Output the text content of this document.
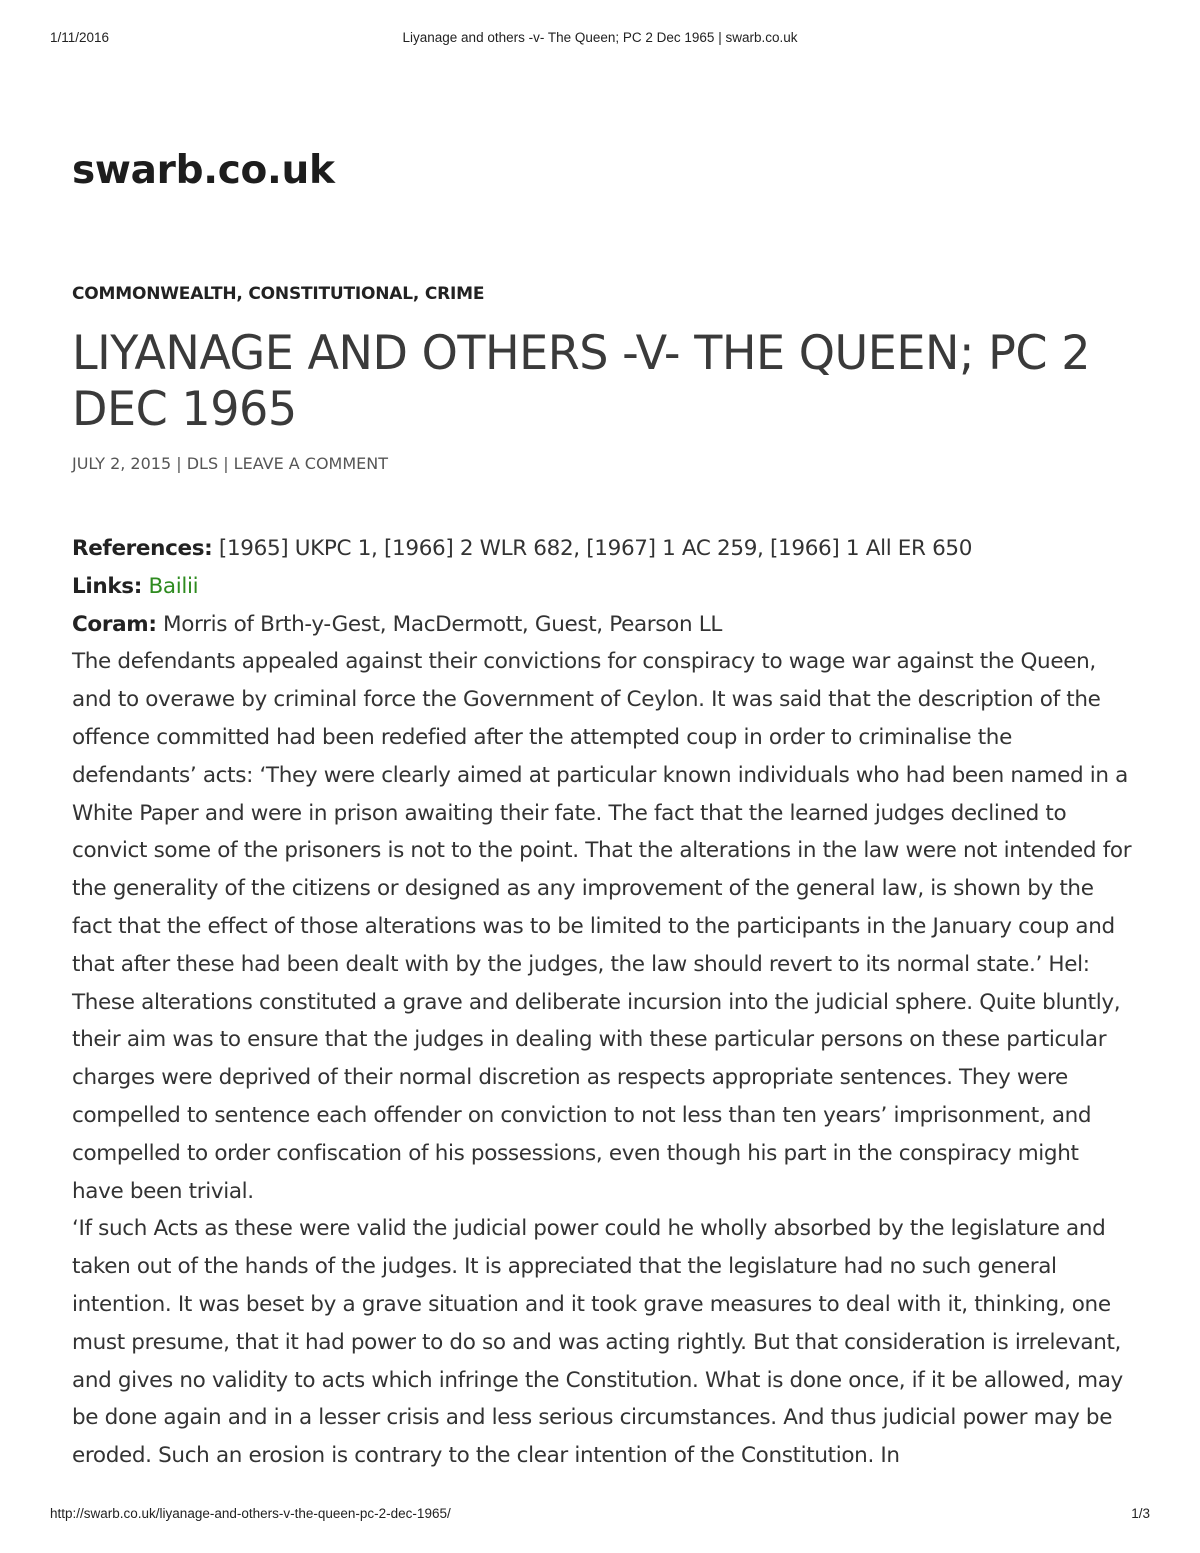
1/11/2016	Liyanage and others -v- The Queen; PC 2 Dec 1965 | swarb.co.uk
swarb.co.uk
COMMONWEALTH, CONSTITUTIONAL, CRIME
LIYANAGE AND OTHERS -V- THE QUEEN; PC 2 DEC 1965
JULY 2, 2015 | DLS | LEAVE A COMMENT

References: [1965] UKPC 1, [1966] 2 WLR 682, [1967] 1 AC 259, [1966] 1 All ER 650

Links: Bailii

Coram: Morris of Brth-y-Gest, MacDermott, Guest, Pearson LL

The defendants appealed against their convictions for conspiracy to wage war against the Queen, and to overawe by criminal force the Government of Ceylon. It was said that the description of the offence committed had been redefied after the attempted coup in order to criminalise the defendants’ acts: ‘They were clearly aimed at particular known individuals who had been named in a White Paper and were in prison awaiting their fate. The fact that the learned judges declined to convict some of the prisoners is not to the point. That the alterations in the law were not intended for the generality of the citizens or designed as any improvement of the general law, is shown by the fact that the effect of those alterations was to be limited to the participants in the January coup and that after these had been dealt with by the judges, the law should revert to its normal state.’ Hel: These alterations constituted a grave and deliberate incursion into the judicial sphere. Quite bluntly, their aim was to ensure that the judges in dealing with these particular persons on these particular charges were deprived of their normal discretion as respects appropriate sentences. They were compelled to sentence each offender on conviction to not less than ten years’ imprisonment, and compelled to order confiscation of his possessions, even though his part in the conspiracy might have been trivial.

‘If such Acts as these were valid the judicial power could he wholly absorbed by the legislature and taken out of the hands of the judges. It is appreciated that the legislature had no such general intention. It was beset by a grave situation and it took grave measures to deal with it, thinking, one must presume, that it had power to do so and was acting rightly. But that consideration is irrelevant, and gives no validity to acts which infringe the Constitution. What is done once, if it be allowed, may be done again and in a lesser crisis and less serious circumstances. And thus judicial power may be eroded. Such an erosion is contrary to the clear intention of the Constitution. In

http://swarb.co.uk/liyanage-and-others-v-the-queen-pc-2-dec-1965/	1/3
